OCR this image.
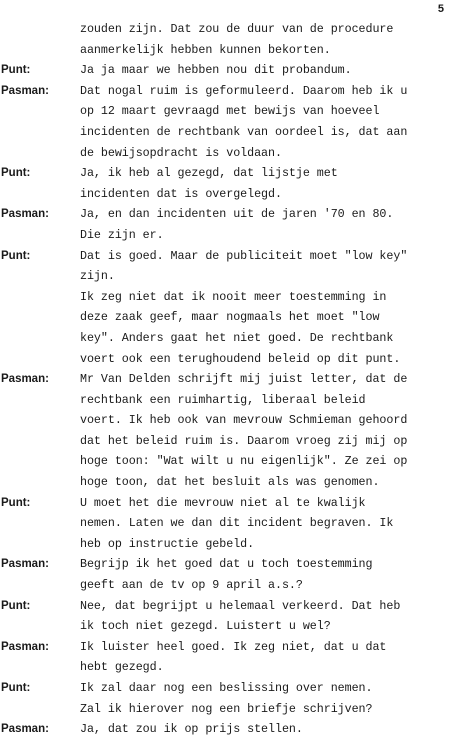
5
zouden zijn. Dat zou de duur van de procedure
aanmerkelijk hebben kunnen bekorten.
Punt:	Ja ja maar we hebben nou dit probandum.
Pasman:	Dat nogal ruim is geformuleerd. Daarom heb ik u
op 12 maart gevraagd met bewijs van hoeveel
incidenten de rechtbank van oordeel is, dat aan
de bewijsopdracht is voldaan.
Punt:	Ja, ik heb al gezegd, dat lijstje met
incidenten dat is overgelegd.
Pasman:	Ja, en dan incidenten uit de jaren '70 en 80.
Die zijn er.
Punt:	Dat is goed. Maar de publiciteit moet "low key"
zijn.
Ik zeg niet dat ik nooit meer toestemming in
deze zaak geef, maar nogmaals het moet "low
key". Anders gaat het niet goed. De rechtbank
voert ook een terughoudend beleid op dit punt.
Pasman:	Mr Van Delden schrijft mij juist letter, dat de
rechtbank een ruimhartig, liberaal beleid
voert. Ik heb ook van mevrouw Schmieman gehoord
dat het beleid ruim is. Daarom vroeg zij mij op
hoge toon: "Wat wilt u nu eigenlijk". Ze zei op
hoge toon, dat het besluit als was genomen.
Punt:	U moet het die mevrouw niet al te kwalijk
nemen. Laten we dan dit incident begraven. Ik
heb op instructie gebeld.
Pasman:	Begrijp ik het goed dat u toch toestemming
geeft aan de tv op 9 april a.s.?
Punt:	Nee, dat begrijpt u helemaal verkeerd. Dat heb
ik toch niet gezegd. Luistert u wel?
Pasman:	Ik luister heel goed. Ik zeg niet, dat u dat
hebt gezegd.
Punt:	Ik zal daar nog een beslissing over nemen.
Zal ik hierover nog een briefje schrijven?
Pasman:	Ja, dat zou ik op prijs stellen.
